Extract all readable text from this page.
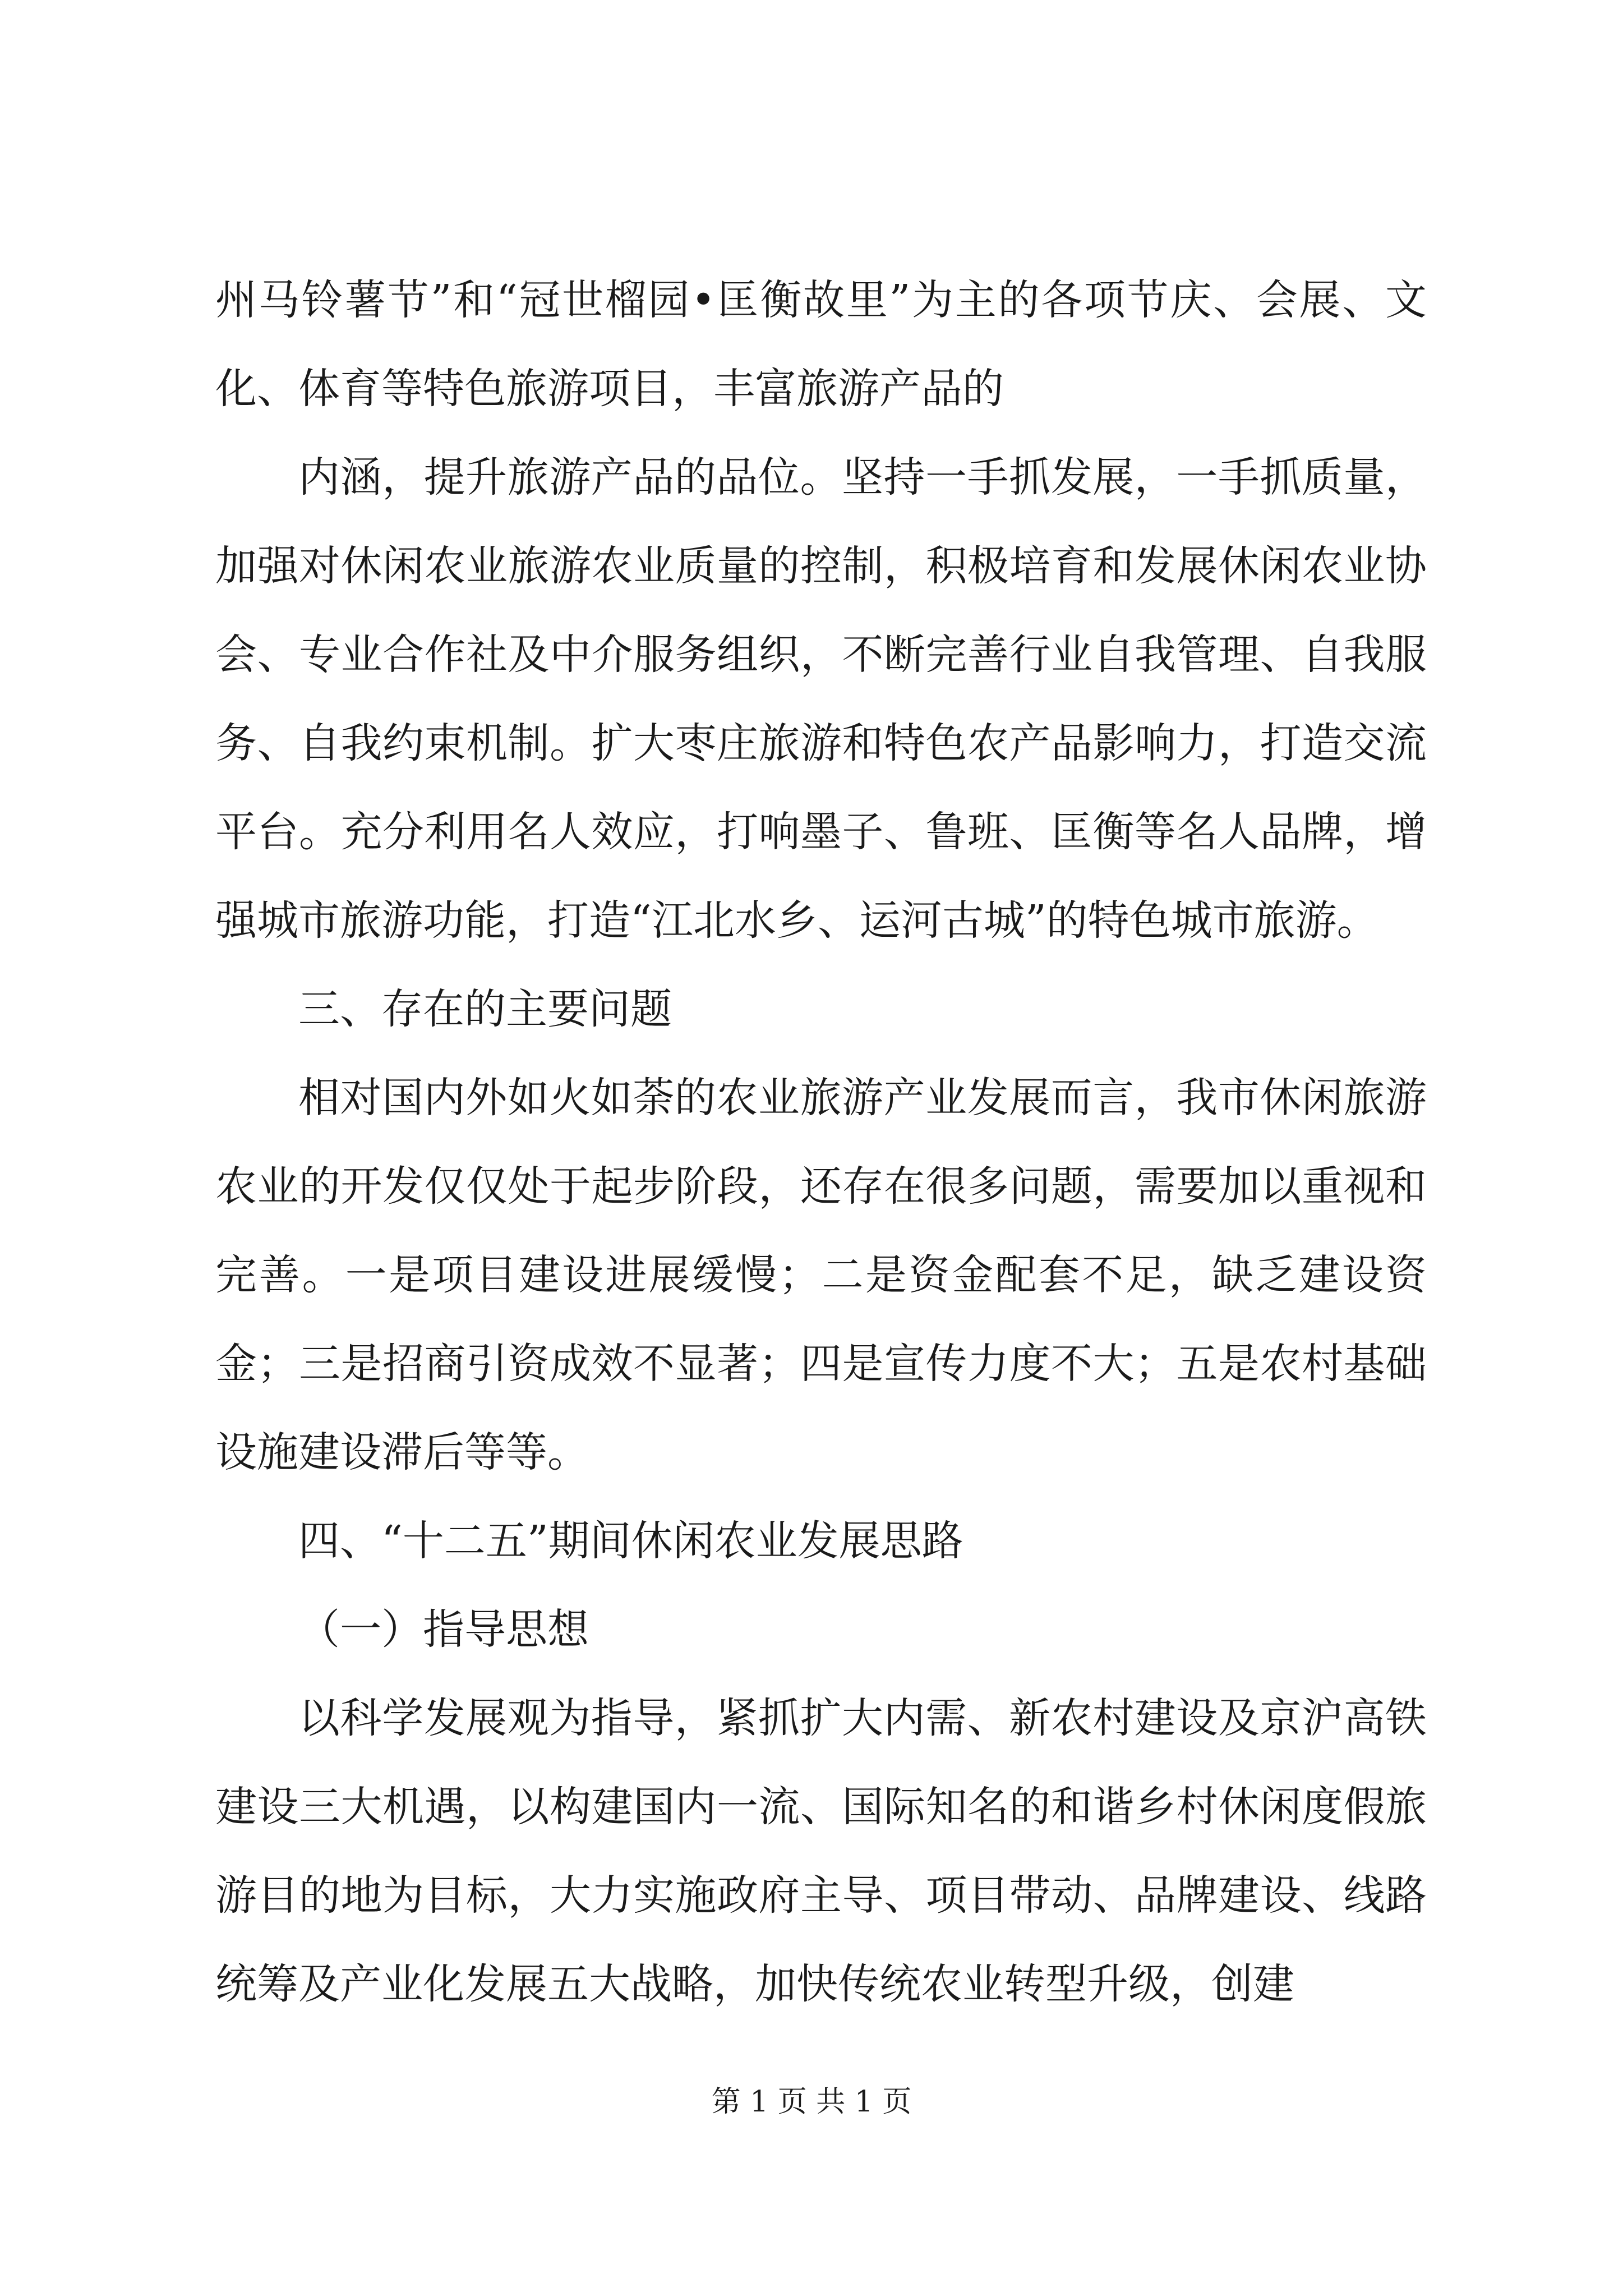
州马铃薯节”和“冠世榴园•匡衡故里”为主的各项节庆、会展、文化、体育等特色旅游项目，丰富旅游产品的

内涵，提升旅游产品的品位。坚持一手抓发展，一手抓质量，加强对休闲农业旅游农业质量的控制，积极培育和发展休闲农业协会、专业合作社及中介服务组织，不断完善行业自我管理、自我服务、自我约束机制。扩大枣庄旅游和特色农产品影响力，打造交流平台。充分利用名人效应，打响墨子、鲁班、匡衡等名人品牌，增强城市旅游功能，打造“江北水乡、运河古城”的特色城市旅游。

三、存在的主要问题

相对国内外如火如荼的农业旅游产业发展而言，我市休闲旅游农业的开发仅仅处于起步阶段，还存在很多问题，需要加以重视和完善。一是项目建设进展缓慢；二是资金配套不足，缺乏建设资金；三是招商引资成效不显著；四是宣传力度不大；五是农村基础设施建设滞后等等。

四、“十二五”期间休闲农业发展思路

（一）指导思想

以科学发展观为指导，紧抓扩大内需、新农村建设及京沪高铁建设三大机遇，以构建国内一流、国际知名的和谐乡村休闲度假旅游目的地为目标，大力实施政府主导、项目带动、品牌建设、线路统筹及产业化发展五大战略，加快传统农业转型升级，创建

第 1 页 共 1 页
